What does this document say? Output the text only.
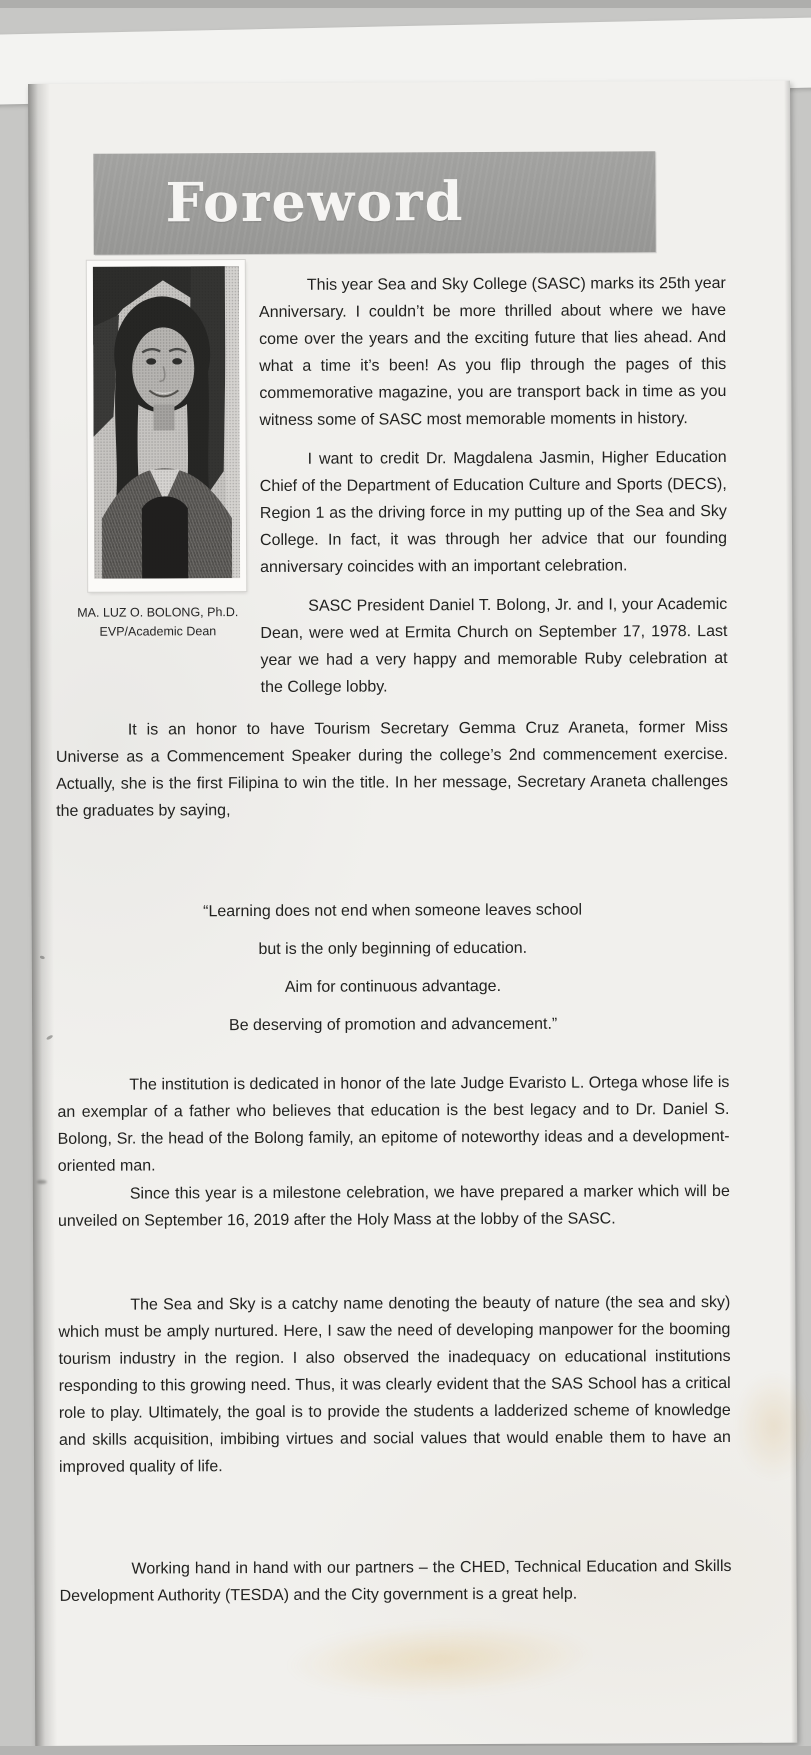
Foreword
MA. LUZ O. BOLONG, Ph.D.
EVP/Academic Dean

This year Sea and Sky College (SASC) marks its 25th year Anniversary. I couldn’t be more thrilled about where we have come over the years and the exciting future that lies ahead. And what a time it’s been! As you flip through the pages of this commemorative magazine, you are transport back in time as you witness some of SASC most memorable moments in history.

I want to credit Dr. Magdalena Jasmin, Higher Education Chief of the Department of Education Culture and Sports (DECS), Region 1 as the driving force in my putting up of the Sea and Sky College. In fact, it was through her advice that our founding anniversary coincides with an important celebration.

SASC President Daniel T. Bolong, Jr. and I, your Academic Dean, were wed at Ermita Church on September 17, 1978. Last year we had a very happy and memorable Ruby celebration at the College lobby.

It is an honor to have Tourism Secretary Gemma Cruz Araneta, former Miss Universe as a Commencement Speaker during the college’s 2nd commencement exercise. Actually, she is the first Filipina to win the title. In her message, Secretary Araneta challenges the graduates by saying,

“Learning does not end when someone leaves school
but is the only beginning of education.
Aim for continuous advantage.
Be deserving of promotion and advancement.”

The institution is dedicated in honor of the late Judge Evaristo L. Ortega whose life is an exemplar of a father who believes that education is the best legacy and to Dr. Daniel S. Bolong, Sr. the head of the Bolong family, an epitome of noteworthy ideas and a development-oriented man.

Since this year is a milestone celebration, we have prepared a marker which will be unveiled on September 16, 2019 after the Holy Mass at the lobby of the SASC.

The Sea and Sky is a catchy name denoting the beauty of nature (the sea and sky) which must be amply nurtured. Here, I saw the need of developing manpower for the booming tourism industry in the region. I also observed the inadequacy on educational institutions responding to this growing need. Thus, it was clearly evident that the SAS School has a critical role to play. Ultimately, the goal is to provide the students a ladderized scheme of knowledge and skills acquisition, imbibing virtues and social values that would enable them to have an improved quality of life.

Working hand in hand with our partners – the CHED, Technical Education and Skills Development Authority (TESDA) and the City government is a great help.
